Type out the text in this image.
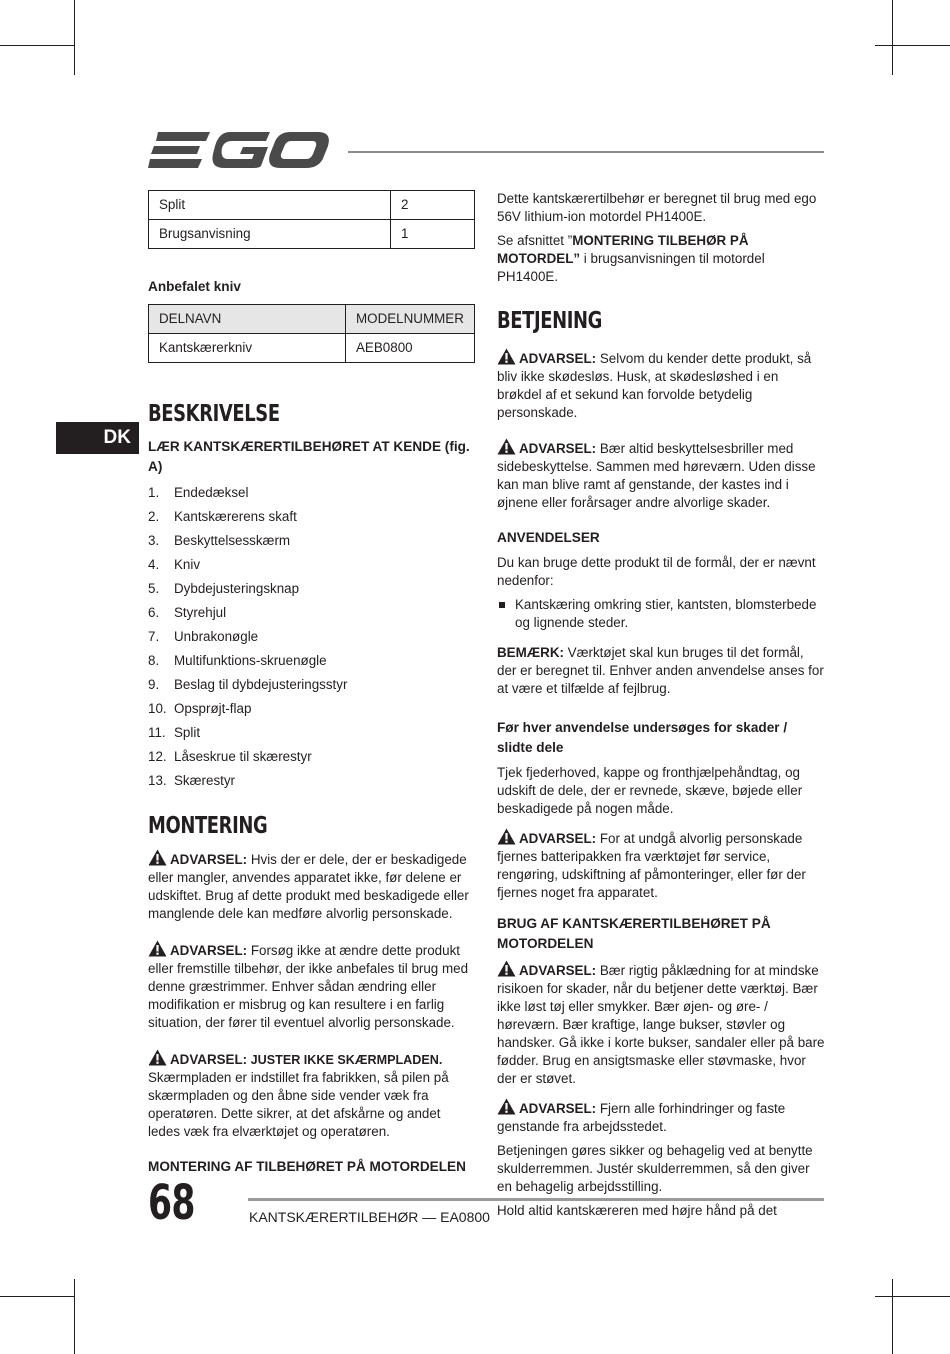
DK
Split	2
Brugsanvisning	1
Anbefalet kniv
DELNAVN	MODELNUMMER
Kantskærerkniv	AEB0800
BESKRIVELSE
LÆR KANTSKÆRERTILBEHØRET AT KENDE (fig. A)
1.	Endedæksel
2.	Kantskærerens skaft
3.	Beskyttelsesskærm
4.	Kniv
5.	Dybdejusteringsknap
6.	Styrehjul
7.	Unbrakonøgle
8.	Multifunktions-skruenøgle
9.	Beslag til dybdejusteringsstyr
10. Opsprøjt-flap
11. Split
12. Låseskrue til skærestyr
13. Skærestyr
MONTERING
ADVARSEL: Hvis der er dele, der er beskadigede eller mangler, anvendes apparatet ikke, før delene er udskiftet. Brug af dette produkt med beskadigede eller manglende dele kan medføre alvorlig personskade.
ADVARSEL: Forsøg ikke at ændre dette produkt eller fremstille tilbehør, der ikke anbefales til brug med denne græstrimmer. Enhver sådan ændring eller modifikation er misbrug og kan resultere i en farlig situation, der fører til eventuel alvorlig personskade.
ADVARSEL: JUSTER IKKE SKÆRMPLADEN.
Skærmpladen er indstillet fra fabrikken, så pilen på skærmpladen og den åbne side vender væk fra operatøren. Dette sikrer, at det afskårne og andet ledes væk fra elværktøjet og operatøren.
MONTERING AF TILBEHØRET PÅ MOTORDELEN
Dette kantskærertilbehør er beregnet til brug med ego 56V lithium-ion motordel PH1400E.
Se afsnittet ”MONTERING TILBEHØR PÅ MOTORDEL” i brugsanvisningen til motordel PH1400E.
BETJENING
ADVARSEL: Selvom du kender dette produkt, så bliv ikke skødesløs. Husk, at skødesløshed i en brøkdel af et sekund kan forvolde betydelig personskade.
ADVARSEL: Bær altid beskyttelsesbriller med sidebeskyttelse. Sammen med høreværn. Uden disse kan man blive ramt af genstande, der kastes ind i øjnene eller forårsager andre alvorlige skader.
ANVENDELSER
Du kan bruge dette produkt til de formål, der er nævnt nedenfor:
Kantskæring omkring stier, kantsten, blomsterbede og lignende steder.
BEMÆRK: Værktøjet skal kun bruges til det formål, der er beregnet til. Enhver anden anvendelse anses for at være et tilfælde af fejlbrug.
Før hver anvendelse undersøges for skader / slidte dele
Tjek fjederhoved, kappe og fronthjælpehåndtag, og udskift de dele, der er revnede, skæve, bøjede eller beskadigede på nogen måde.
ADVARSEL: For at undgå alvorlig personskade fjernes batteripakken fra værktøjet før service, rengøring, udskiftning af påmonteringer, eller før der fjernes noget fra apparatet.
BRUG AF KANTSKÆRERTILBEHØRET PÅ MOTORDELEN
ADVARSEL: Bær rigtig påklædning for at mindske risikoen for skader, når du betjener dette værktøj. Bær ikke løst tøj eller smykker. Bær øjen- og øre- / høreværn. Bær kraftige, lange bukser, støvler og handsker. Gå ikke i korte bukser, sandaler eller på bare fødder. Brug en ansigtsmaske eller støvmaske, hvor der er støvet.
ADVARSEL: Fjern alle forhindringer og faste genstande fra arbejdsstedet.
Betjeningen gøres sikker og behagelig ved at benytte skulderremmen. Justér skulderremmen, så den giver en behagelig arbejdsstilling.
Hold altid kantskæreren med højre hånd på det
68	KANTSKÆRERTILBEHØR — EA0800
